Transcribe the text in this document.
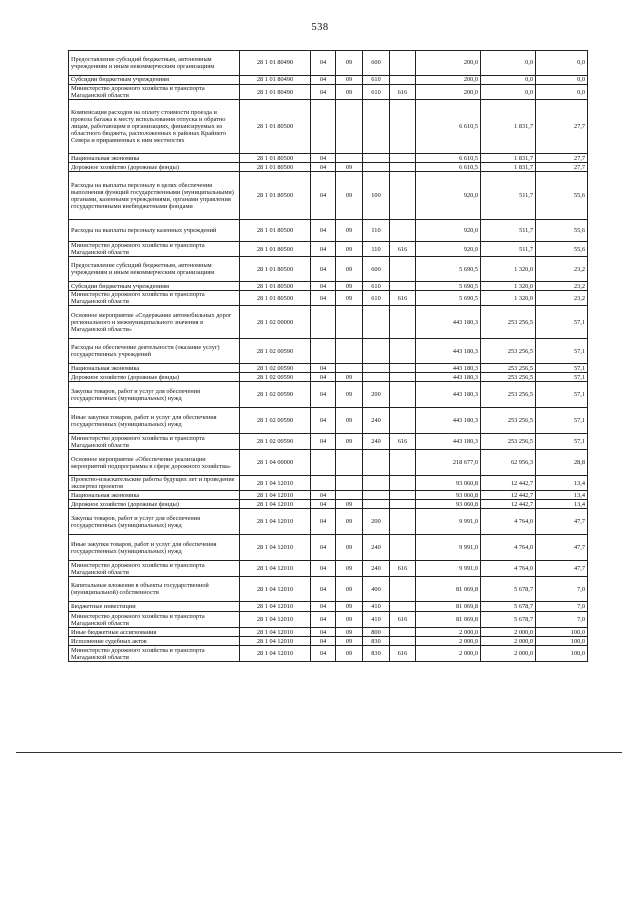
538
Предоставление субсидий бюджетным, автономным учреждениям и иным некоммерческим организациям	28 1 01 80490	04	09	600		200,0	0,0	0,0
Субсидии бюджетным учреждениям	28 1 01 80490	04	09	610		200,0	0,0	0,0
Министерство дорожного хозяйства и транспорта Магаданской области	28 1 01 80490	04	09	610	616	200,0	0,0	0,0
Компенсация расходов на оплату стоимости проезда и провоза багажа к месту использования отпуска и обратно лицам, работающим в организациях, финансируемых из областного бюджета, расположенных в районах Крайнего Севера и приравненных к ним местностях	28 1 01 80500					6 610,5	1 831,7	27,7
Национальная экономика	28 1 01 80500	04				6 610,5	1 831,7	27,7
Дорожное хозяйство (дорожные фонды)	28 1 01 80500	04	09			6 610,5	1 831,7	27,7
Расходы на выплаты персоналу в целях обеспечения выполнения функций государственными (муниципальными) органами, казенными учреждениями, органами управления государственными внебюджетными фондами	28 1 01 80500	04	09	100		920,0	511,7	55,6
Расходы на выплаты персоналу казенных учреждений	28 1 01 80500	04	09	110		920,0	511,7	55,6
Министерство дорожного хозяйства и транспорта Магаданской области	28 1 01 80500	04	09	110	616	920,0	511,7	55,6
Предоставление субсидий бюджетным, автономным учреждениям и иным некоммерческим организациям	28 1 01 80500	04	09	600		5 690,5	1 320,0	23,2
Субсидии бюджетным учреждениям	28 1 01 80500	04	09	610		5 690,5	1 320,0	23,2
Министерство дорожного хозяйства и транспорта Магаданской области	28 1 01 80500	04	09	610	616	5 690,5	1 320,0	23,2
Основное мероприятие «Содержание автомобильных дорог регионального и межмуниципального значения в Магаданской области»	28 1 02 00000					443 180,3	253 256,5	57,1
Расходы на обеспечение деятельности (оказание услуг) государственных учреждений	28 1 02 00590					443 180,3	253 256,5	57,1
Национальная экономика	28 1 02 00590	04				443 180,3	253 256,5	57,1
Дорожное хозяйство (дорожные фонды)	28 1 02 00590	04	09			443 180,3	253 256,5	57,1
Закупка товаров, работ и услуг для обеспечения государственных (муниципальных) нужд	28 1 02 00590	04	09	200		443 180,3	253 256,5	57,1
Иные закупки товаров, работ и услуг для обеспечения государственных (муниципальных) нужд	28 1 02 00590	04	09	240		443 180,3	253 256,5	57,1
Министерство дорожного хозяйства и транспорта Магаданской области	28 1 02 00590	04	09	240	616	443 180,3	253 256,5	57,1
Основное мероприятие «Обеспечение реализации мероприятий подпрограммы в сфере дорожного хозяйства»	28 1 04 00000					218 677,0	62 956,3	28,8
Проектно-изыскательские работы будущих лет и проведение экспертиз проектов	28 1 04 12010					93 060,8	12 442,7	13,4
Национальная экономика	28 1 04 12010	04				93 060,8	12 442,7	13,4
Дорожное хозяйство (дорожные фонды)	28 1 04 12010	04	09			93 060,8	12 442,7	13,4
Закупка товаров, работ и услуг для обеспечения государственных (муниципальных) нужд	28 1 04 12010	04	09	200		9 991,0	4 764,0	47,7
Иные закупки товаров, работ и услуг для обеспечения государственных (муниципальных) нужд	28 1 04 12010	04	09	240		9 991,0	4 764,0	47,7
Министерство дорожного хозяйства и транспорта Магаданской области	28 1 04 12010	04	09	240	616	9 991,0	4 764,0	47,7
Капитальные вложения в объекты государственной (муниципальной) собственности	28 1 04 12010	04	09	400		81 069,8	5 678,7	7,0
Бюджетные инвестиции	28 1 04 12010	04	09	410		81 069,8	5 678,7	7,0
Министерство дорожного хозяйства и транспорта Магаданской области	28 1 04 12010	04	09	410	616	81 069,8	5 678,7	7,0
Иные бюджетные ассигнования	28 1 04 12010	04	09	800		2 000,0	2 000,0	100,0
Исполнение судебных актов	28 1 04 12010	04	09	830		2 000,0	2 000,0	100,0
Министерство дорожного хозяйства и транспорта Магаданской области	28 1 04 12010	04	09	830	616	2 000,0	2 000,0	100,0
